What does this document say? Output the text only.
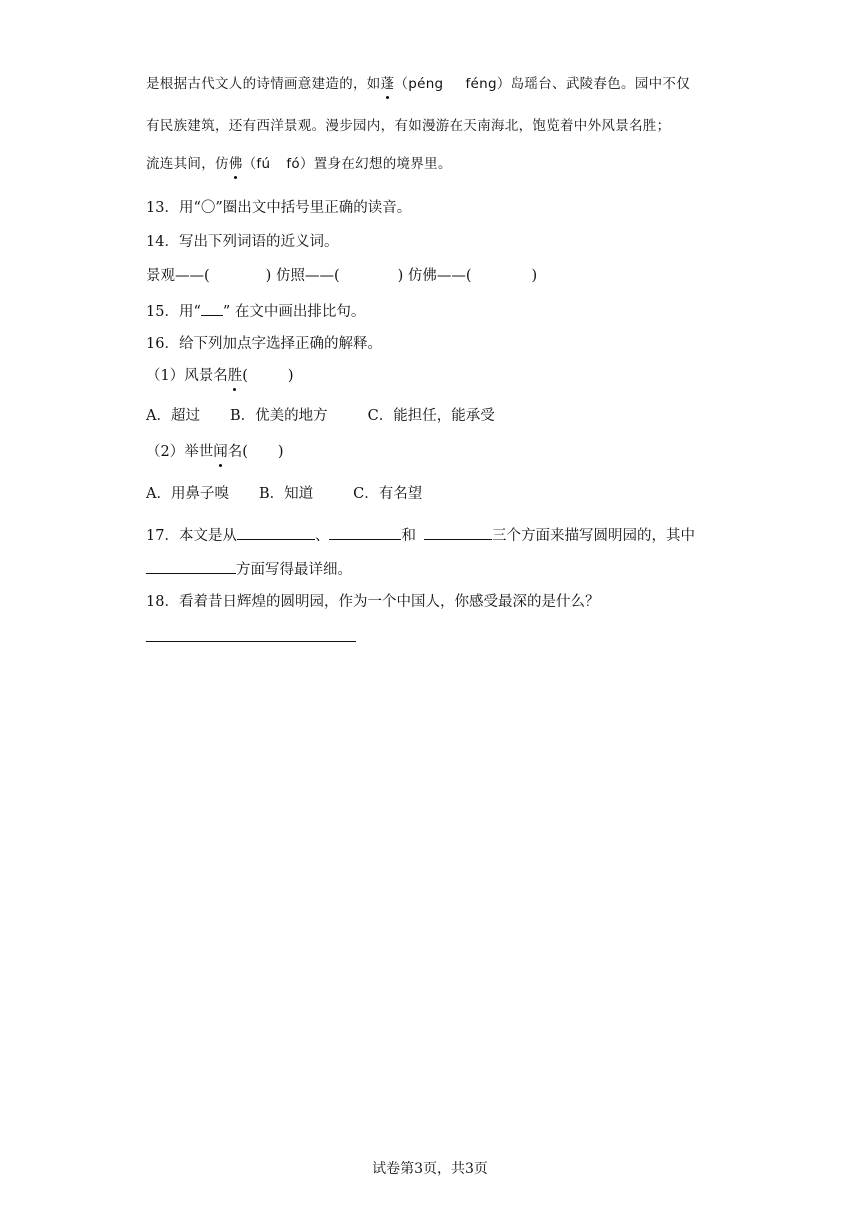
是根据古代文人的诗情画意建造的，如蓬（péng féng）岛瑶台、武陵春色。园中不仅
有民族建筑，还有西洋景观。漫步园内，有如漫游在天南海北，饱览着中外风景名胜；
流连其间，仿佛（fú fó）置身在幻想的境界里。
13．用“〇”圈出文中括号里正确的读音。
14．写出下列词语的近义词。
景观——(	) 仿照——(	) 仿佛——(	)
15．用“ ” 在文中画出排比句。
16．给下列加点字选择正确的解释。
（1）风景名胜(	)
A．超过 B．优美的地方	C．能担任，能承受
（2）举世闻名( )
A．用鼻子嗅 B．知道	C．有名望
17．本文是从	、	和	三个方面来描写圆明园的，其中
方面写得最详细。
18．看着昔日辉煌的圆明园，作为一个中国人，你感受最深的是什么？
试卷第3页，共3页
